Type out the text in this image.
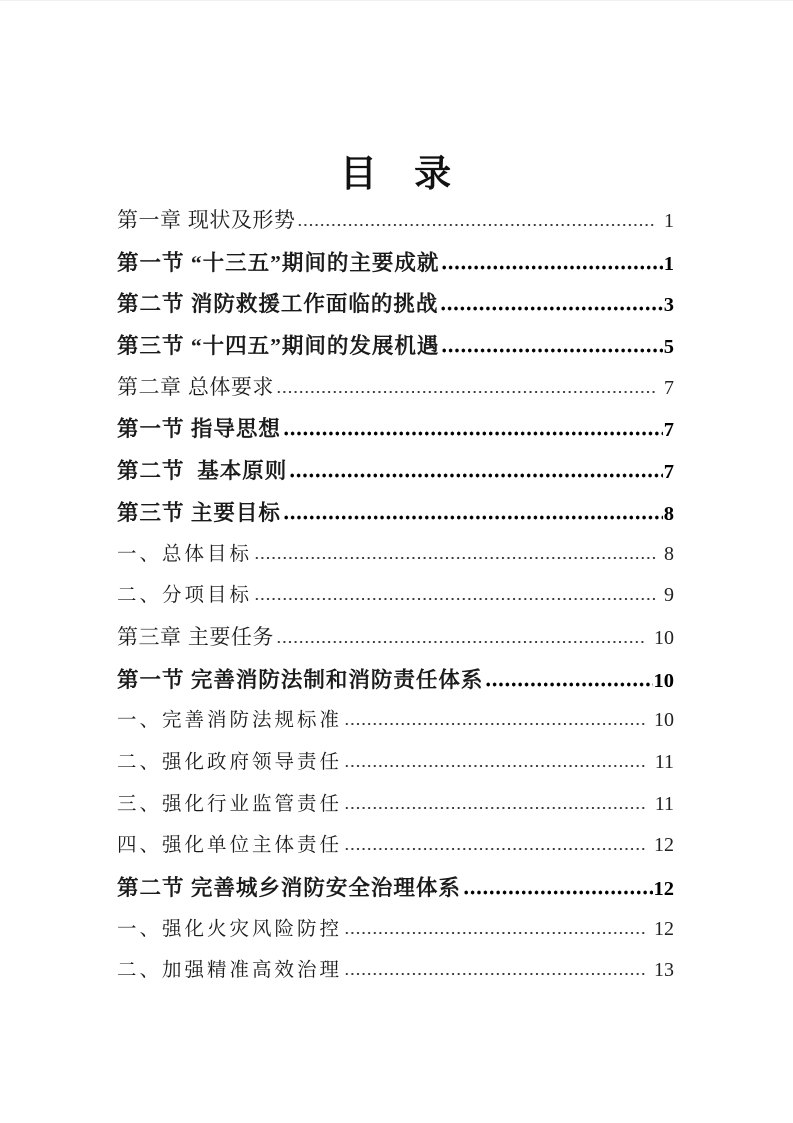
目 录
第一章 现状及形势	1
第一节 “十三五”期间的主要成就	1
第二节 消防救援工作面临的挑战	3
第三节 “十四五”期间的发展机遇	5
第二章 总体要求	7
第一节 指导思想	7
第二节  基本原则	7
第三节 主要目标	8
一、总体目标	8
二、分项目标	9
第三章 主要任务	10
第一节 完善消防法制和消防责任体系	10
一、完善消防法规标准	10
二、强化政府领导责任	11
三、强化行业监管责任	11
四、强化单位主体责任	12
第二节 完善城乡消防安全治理体系	12
一、强化火灾风险防控	12
二、加强精准高效治理	13
